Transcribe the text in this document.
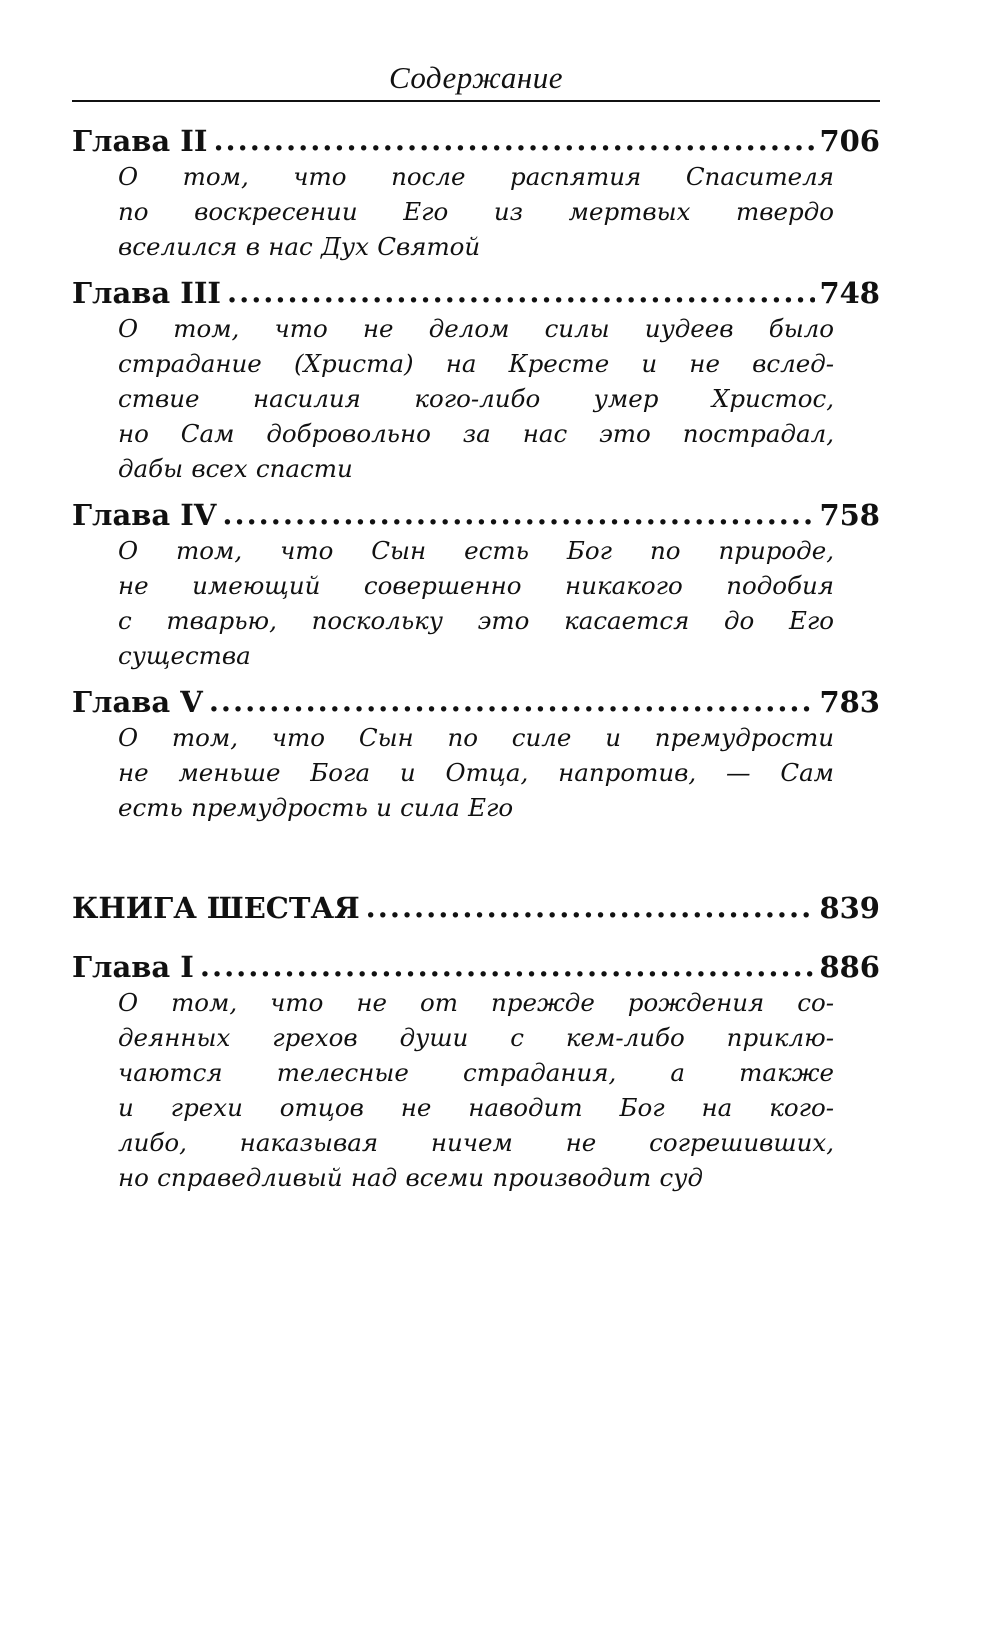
Содержание
Глава II .....	706
О том, что после распятия Спасителя
по воскресении Его из мертвых твердо
вселился в нас Дух Святой
Глава III .....	748
О том, что не делом силы иудеев было
страдание (Христа) на Кресте и не вслед-
ствие насилия кого-либо умер Христос,
но Сам добровольно за нас это пострадал,
дабы всех спасти
Глава IV .....	758
О том, что Сын есть Бог по природе,
не имеющий совершенно никакого подобия
с тварью, поскольку это касается до Его
существа
Глава V .....	783
О том, что Сын по силе и премудрости
не меньше Бога и Отца, напротив, — Сам
есть премудрость и сила Его
КНИГА ШЕСТАЯ .....	839
Глава I .....	886
О том, что не от прежде рождения со-
деянных грехов души с кем-либо приклю-
чаются телесные страдания, а также
и грехи отцов не наводит Бог на кого-
либо, наказывая ничем не согрешивших,
но справедливый над всеми производит суд
